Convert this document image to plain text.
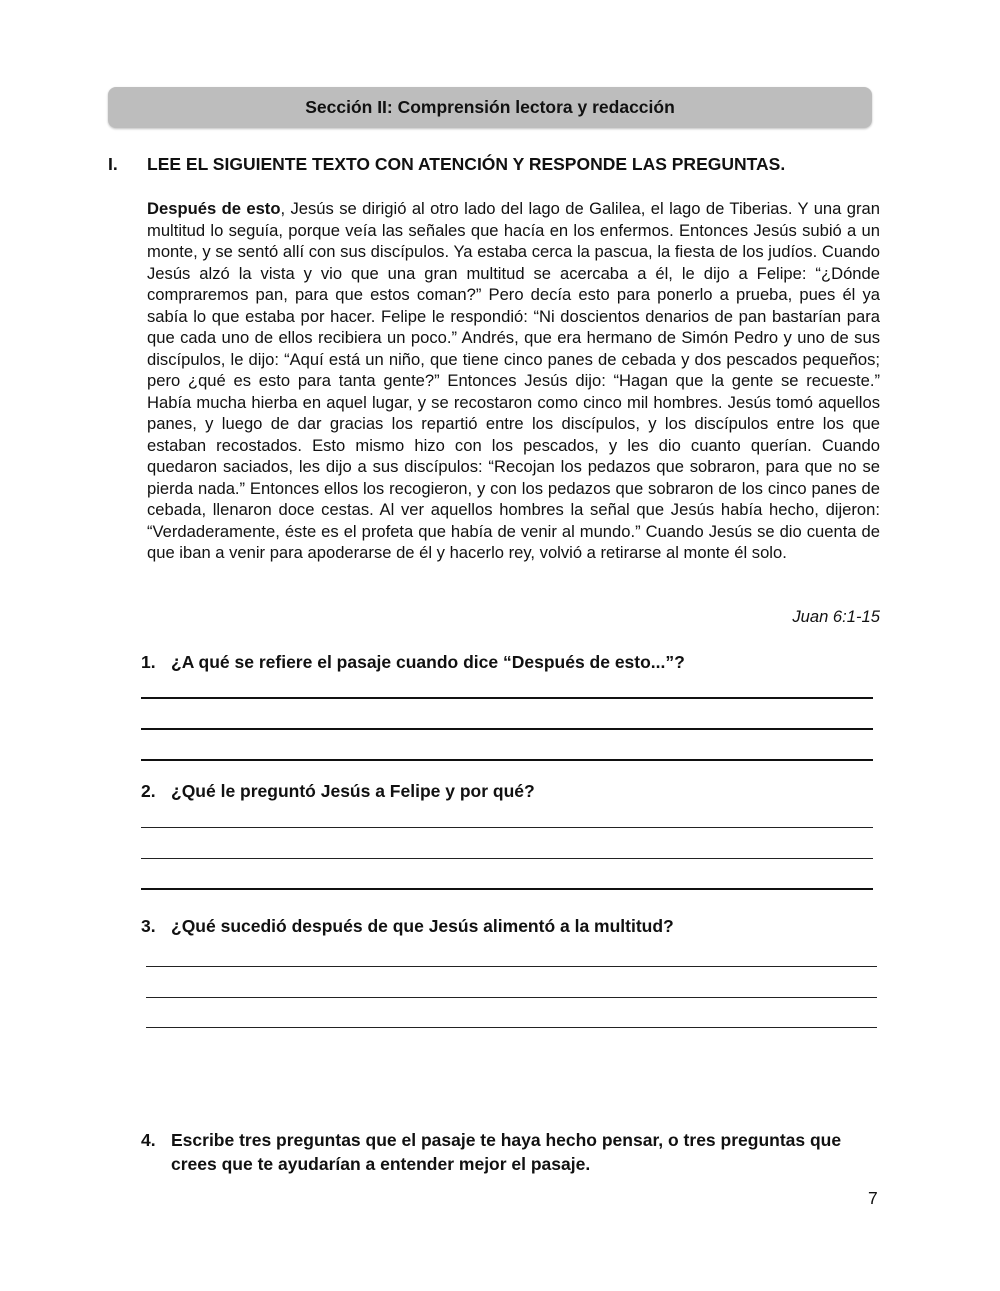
Sección II: Comprensión lectora y redacción
I. LEE EL SIGUIENTE TEXTO CON ATENCIÓN Y RESPONDE LAS PREGUNTAS.
Después de esto, Jesús se dirigió al otro lado del lago de Galilea, el lago de Tiberias. Y una gran multitud lo seguía, porque veía las señales que hacía en los enfermos. Entonces Jesús subió a un monte, y se sentó allí con sus discípulos. Ya estaba cerca la pascua, la fiesta de los judíos. Cuando Jesús alzó la vista y vio que una gran multitud se acercaba a él, le dijo a Felipe: “¿Dónde compraremos pan, para que estos coman?” Pero decía esto para ponerlo a prueba, pues él ya sabía lo que estaba por hacer. Felipe le respondió: “Ni doscientos denarios de pan bastarían para que cada uno de ellos recibiera un poco.” Andrés, que era hermano de Simón Pedro y uno de sus discípulos, le dijo: “Aquí está un niño, que tiene cinco panes de cebada y dos pescados pequeños; pero ¿qué es esto para tanta gente?” Entonces Jesús dijo: “Hagan que la gente se recueste.” Había mucha hierba en aquel lugar, y se recostaron como cinco mil hombres. Jesús tomó aquellos panes, y luego de dar gracias los repartió entre los discípulos, y los discípulos entre los que estaban recostados. Esto mismo hizo con los pescados, y les dio cuanto querían. Cuando quedaron saciados, les dijo a sus discípulos: “Recojan los pedazos que sobraron, para que no se pierda nada.” Entonces ellos los recogieron, y con los pedazos que sobraron de los cinco panes de cebada, llenaron doce cestas. Al ver aquellos hombres la señal que Jesús había hecho, dijeron: “Verdaderamente, éste es el profeta que había de venir al mundo.” Cuando Jesús se dio cuenta de que iban a venir para apoderarse de él y hacerlo rey, volvió a retirarse al monte él solo.
Juan 6:1-15
1. ¿A qué se refiere el pasaje cuando dice “Después de esto...”?
2. ¿Qué le preguntó Jesús a Felipe y por qué?
3. ¿Qué sucedió después de que Jesús alimentó a la multitud?
4. Escribe tres preguntas que el pasaje te haya hecho pensar, o tres preguntas que crees que te ayudarían a entender mejor el pasaje.
7
